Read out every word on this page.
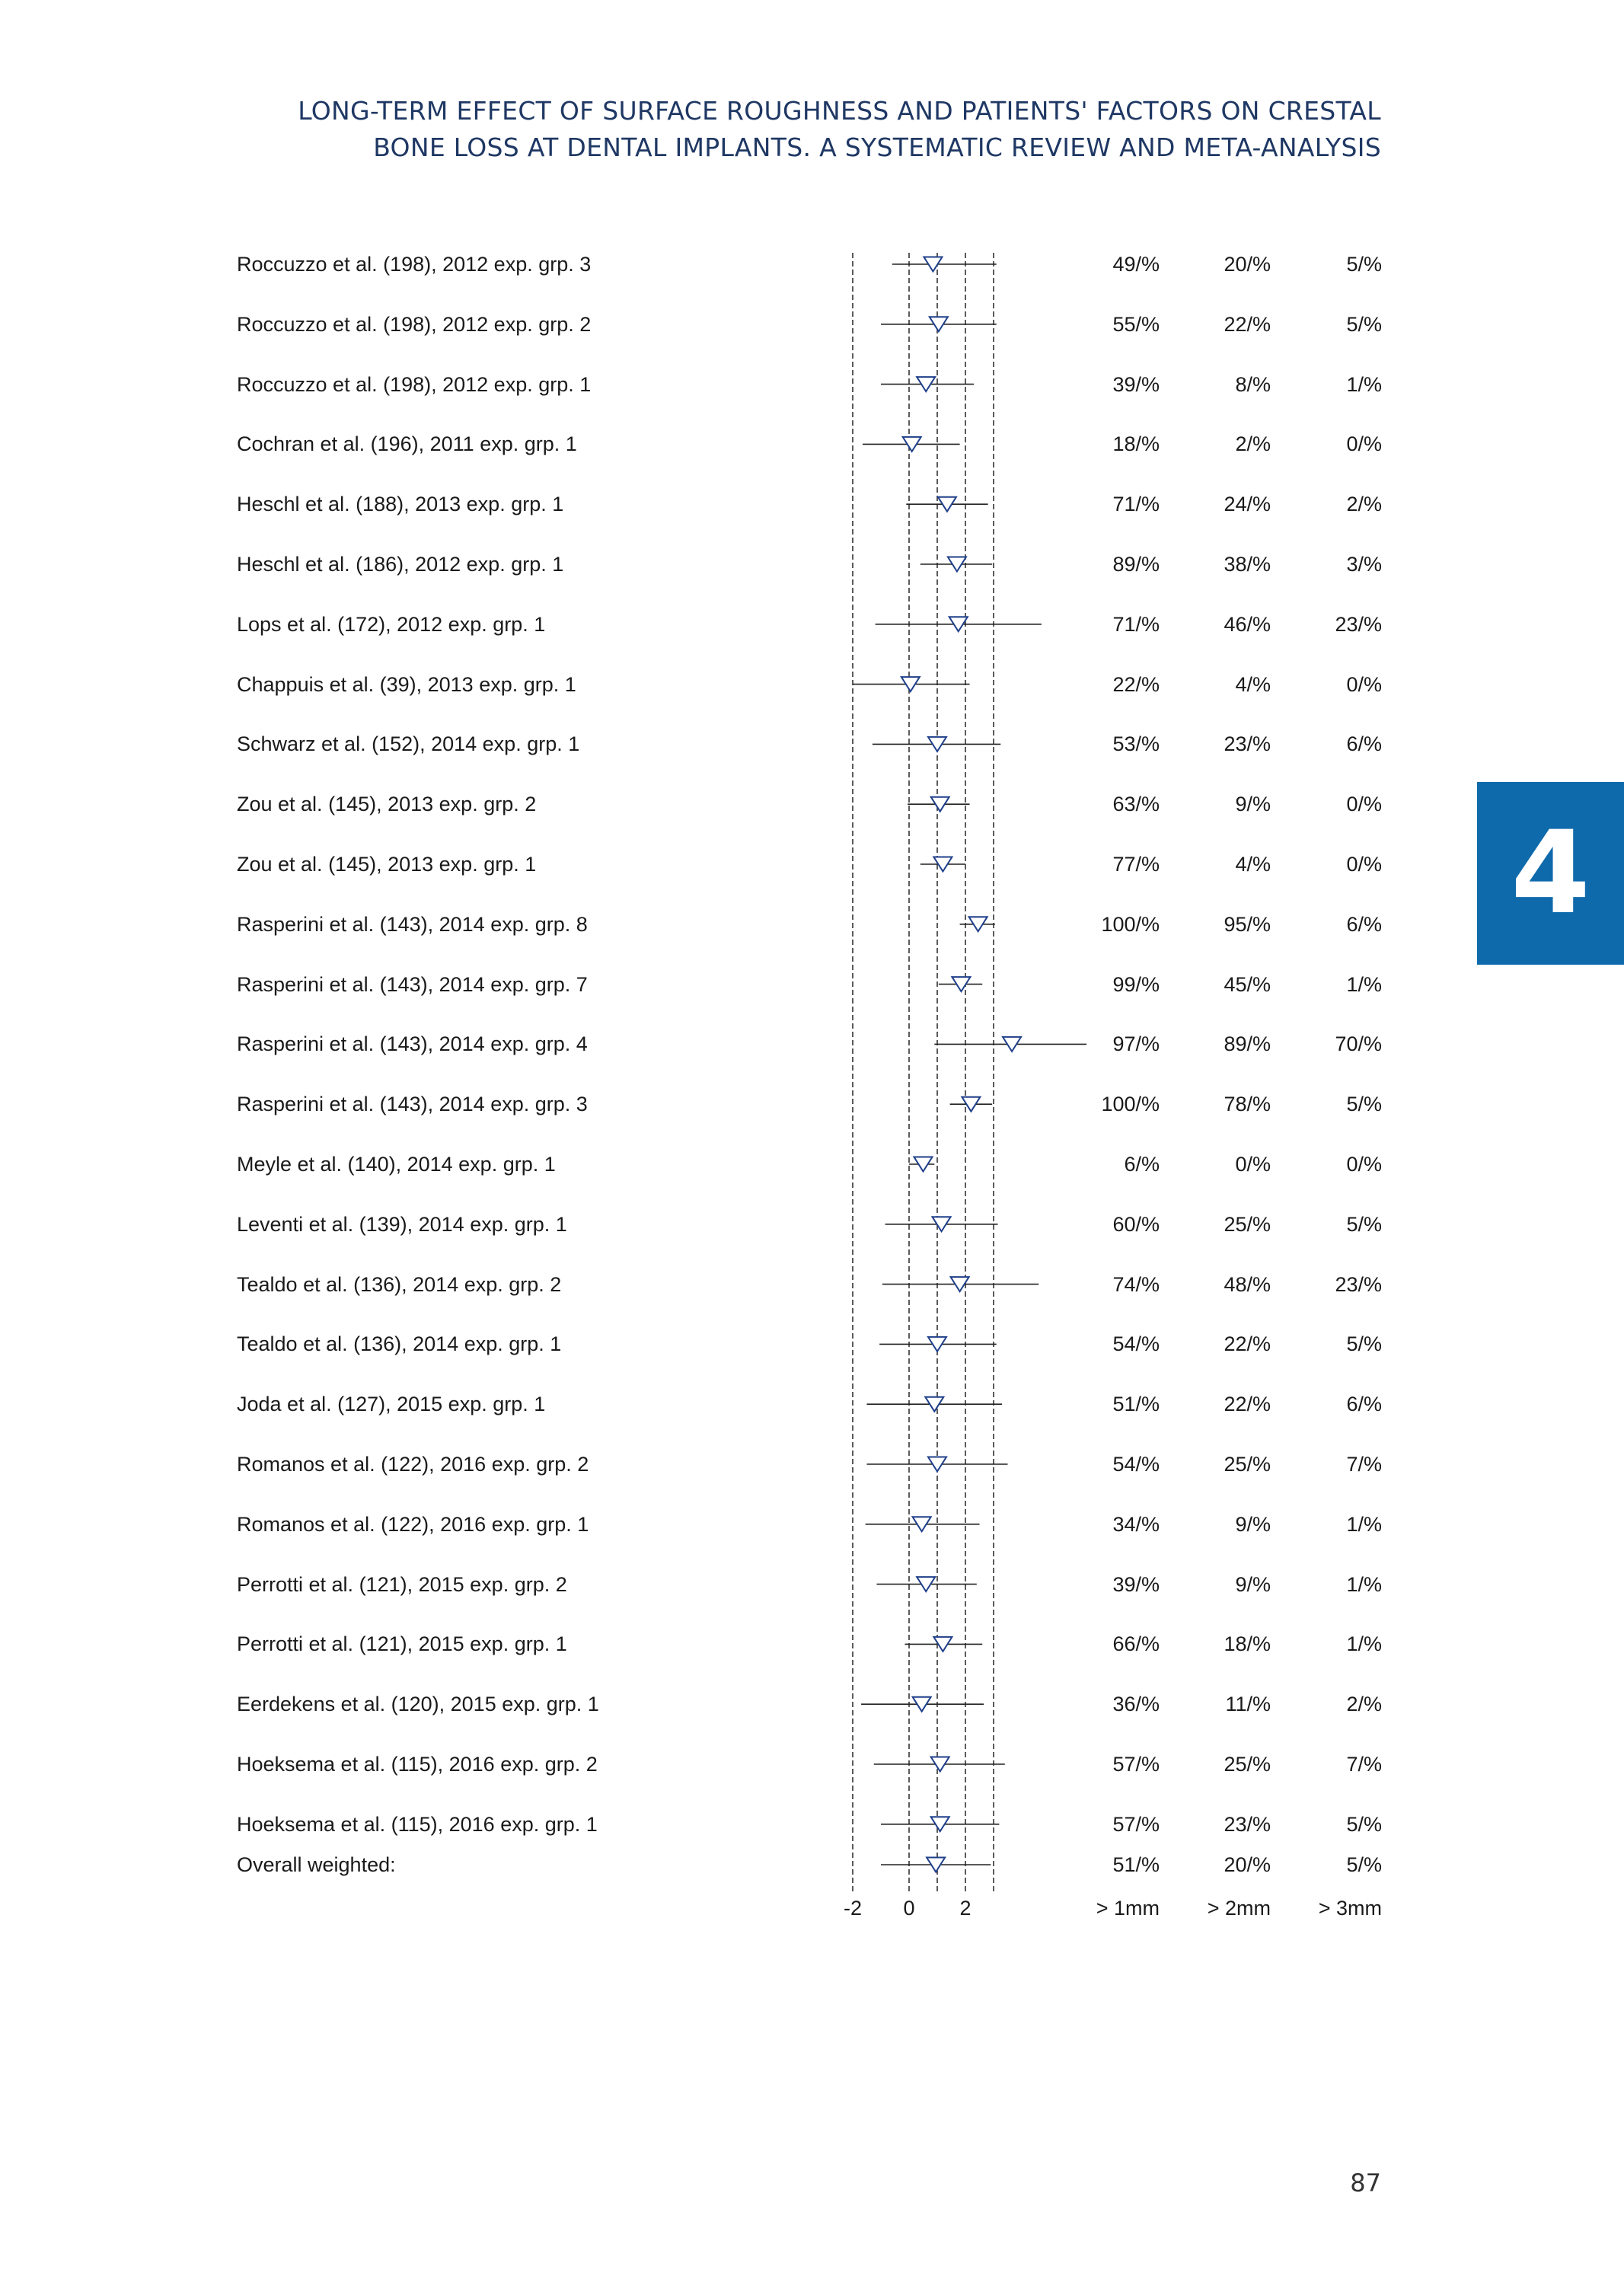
LONG-TERM EFFECT OF SURFACE ROUGHNESS AND PATIENTS' FACTORS ON CRESTAL
BONE LOSS AT DENTAL IMPLANTS. A SYSTEMATIC REVIEW AND META-ANALYSIS
4
87
Roccuzzo et al. (198), 2012 exp. grp. 3	49/%	20/%	5/%
Roccuzzo et al. (198), 2012 exp. grp. 2	55/%	22/%	5/%
Roccuzzo et al. (198), 2012 exp. grp. 1	39/%	8/%	1/%
Cochran et al. (196), 2011 exp. grp. 1	18/%	2/%	0/%
Heschl et al. (188), 2013 exp. grp. 1	71/%	24/%	2/%
Heschl et al. (186), 2012 exp. grp. 1	89/%	38/%	3/%
Lops et al. (172), 2012 exp. grp. 1	71/%	46/%	23/%
Chappuis et al. (39), 2013 exp. grp. 1	22/%	4/%	0/%
Schwarz et al. (152), 2014 exp. grp. 1	53/%	23/%	6/%
Zou et al. (145), 2013 exp. grp. 2	63/%	9/%	0/%
Zou et al. (145), 2013 exp. grp. 1	77/%	4/%	0/%
Rasperini et al. (143), 2014 exp. grp. 8	100/%	95/%	6/%
Rasperini et al. (143), 2014 exp. grp. 7	99/%	45/%	1/%
Rasperini et al. (143), 2014 exp. grp. 4	97/%	89/%	70/%
Rasperini et al. (143), 2014 exp. grp. 3	100/%	78/%	5/%
Meyle et al. (140), 2014 exp. grp. 1	6/%	0/%	0/%
Leventi et al. (139), 2014 exp. grp. 1	60/%	25/%	5/%
Tealdo et al. (136), 2014 exp. grp. 2	74/%	48/%	23/%
Tealdo et al. (136), 2014 exp. grp. 1	54/%	22/%	5/%
Joda et al. (127), 2015 exp. grp. 1	51/%	22/%	6/%
Romanos et al. (122), 2016 exp. grp. 2	54/%	25/%	7/%
Romanos et al. (122), 2016 exp. grp. 1	34/%	9/%	1/%
Perrotti et al. (121), 2015 exp. grp. 2	39/%	9/%	1/%
Perrotti et al. (121), 2015 exp. grp. 1	66/%	18/%	1/%
Eerdekens et al. (120), 2015 exp. grp. 1	36/%	11/%	2/%
Hoeksema et al. (115), 2016 exp. grp. 2	57/%	25/%	7/%
Hoeksema et al. (115), 2016 exp. grp. 1	57/%	23/%	5/%
Overall weighted:	51/%	20/%	5/%
-2 0 2	> 1mm	> 2mm	> 3mm
